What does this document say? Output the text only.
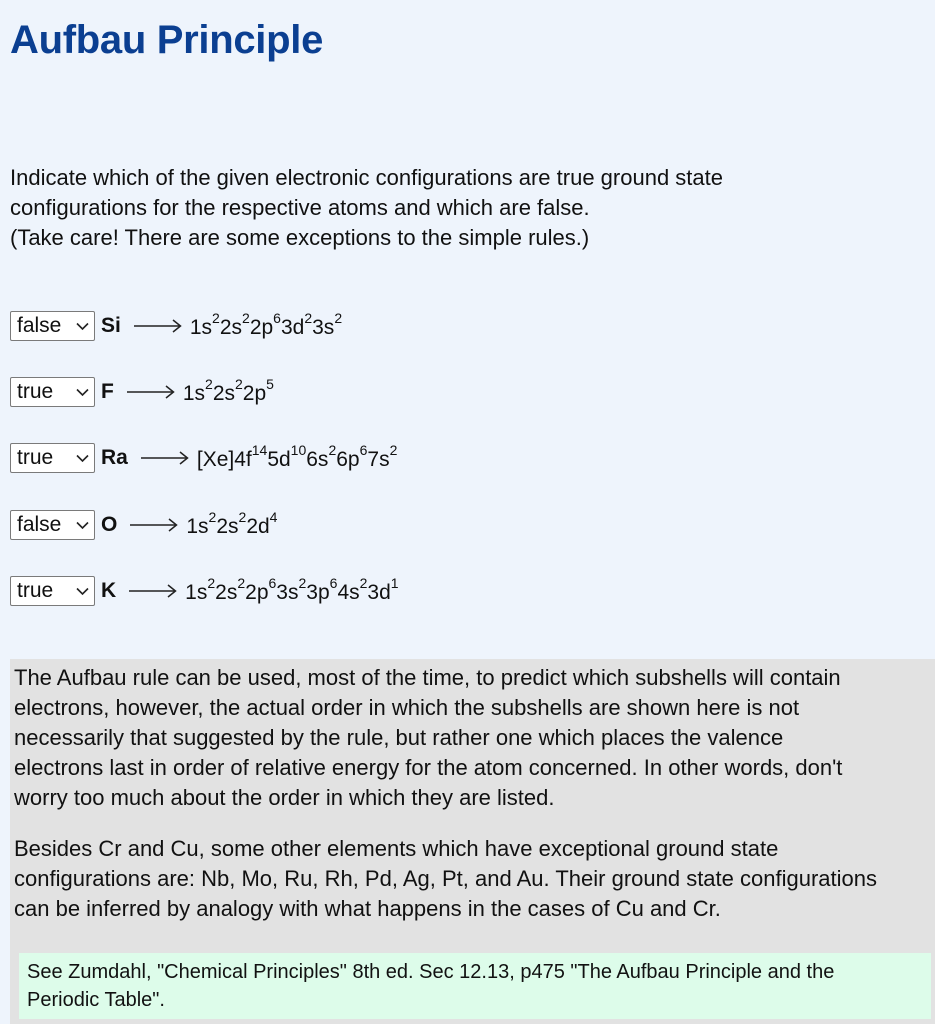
Aufbau Principle
Indicate which of the given electronic configurations are true ground state
configurations for the respective atoms and which are false.
(Take care! There are some exceptions to the simple rules.)
false Si	$1s^22s^22p^63d^23s^2$
true F	$1s^22s^22p^5$
true Ra	$[Xe]4f^{14}5d^{10}6s^26p^67s^2$
false O	$1s^22s^22d^4$
true K	$1s^22s^22p^63s^23p^64s^23d^1$

The Aufbau rule can be used, most of the time, to predict which subshells will contain
electrons, however, the actual order in which the subshells are shown here is not
necessarily that suggested by the rule, but rather one which places the valence
electrons last in order of relative energy for the atom concerned. In other words, don't
worry too much about the order in which they are listed.

Besides Cr and Cu, some other elements which have exceptional ground state
configurations are: Nb, Mo, Ru, Rh, Pd, Ag, Pt, and Au. Their ground state configurations
can be inferred by analogy with what happens in the cases of Cu and Cr.

See Zumdahl, "Chemical Principles" 8th ed. Sec 12.13, p475 "The Aufbau Principle and the
Periodic Table".
